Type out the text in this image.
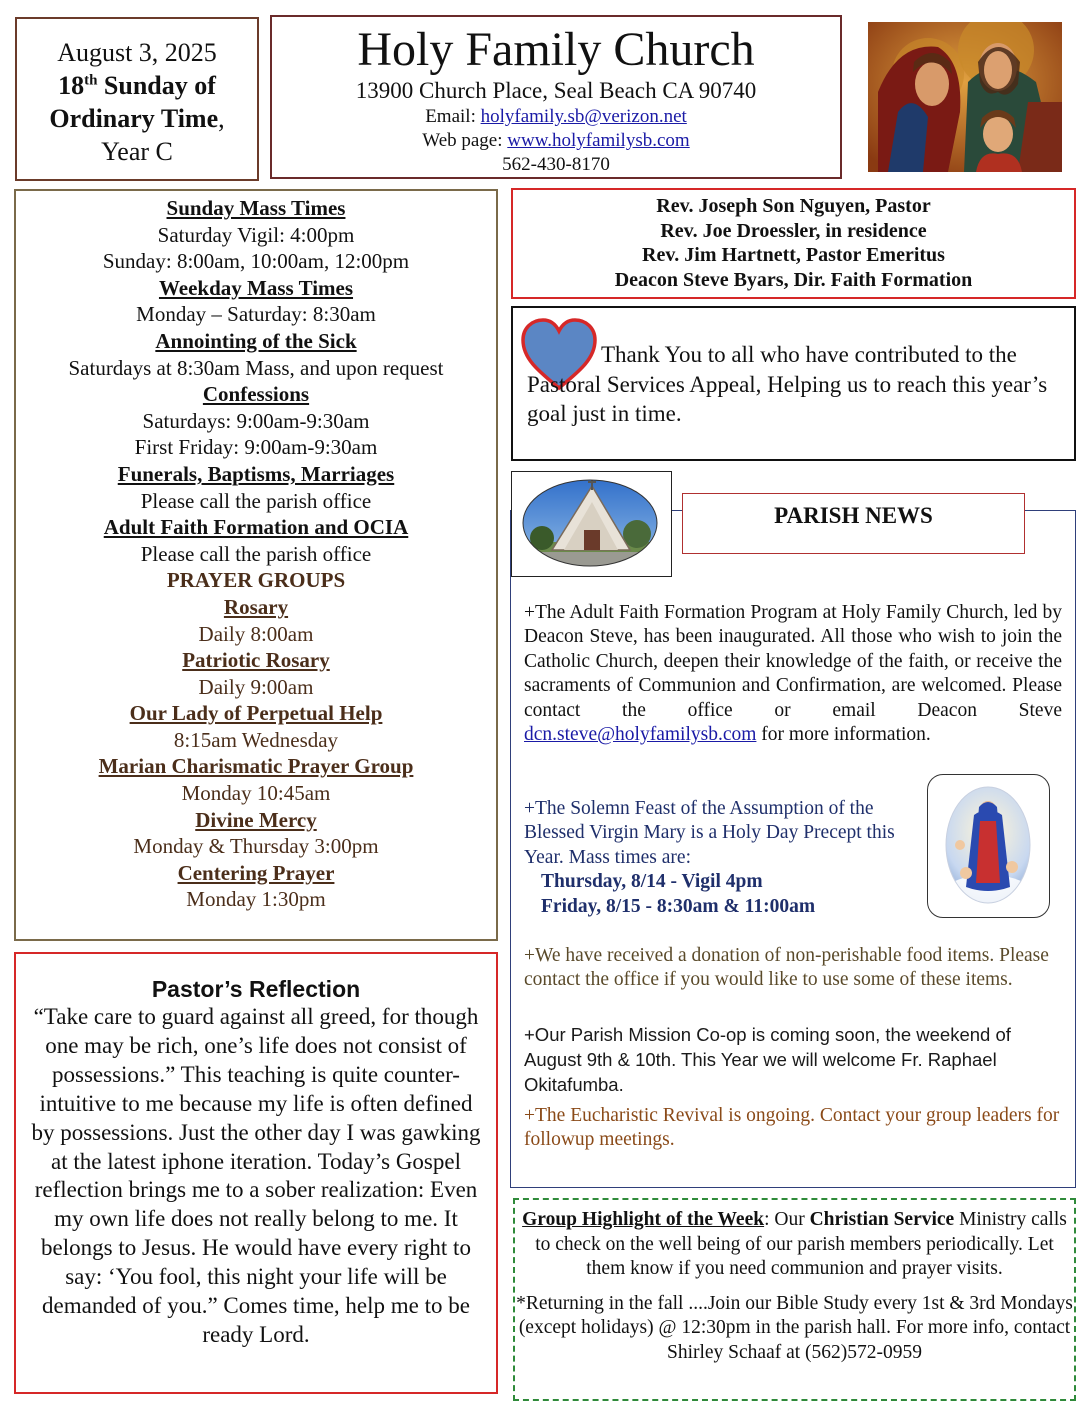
August 3, 2025
18th Sunday of
Ordinary Time,
Year C
Holy Family Church
13900 Church Place, Seal Beach CA 90740
Email: holyfamily.sb@verizon.net
Web page: www.holyfamilysb.com
562-430-8170
Sunday Mass Times
Saturday Vigil: 4:00pm
Sunday: 8:00am, 10:00am, 12:00pm
Weekday Mass Times
Monday – Saturday: 8:30am
Annointing of the Sick
Saturdays at 8:30am Mass, and upon request
Confessions
Saturdays: 9:00am-9:30am
First Friday: 9:00am-9:30am
Funerals, Baptisms, Marriages
Please call the parish office
Adult Faith Formation and OCIA
Please call the parish office
PRAYER GROUPS
Rosary
Daily 8:00am
Patriotic Rosary
Daily 9:00am
Our Lady of Perpetual Help
8:15am Wednesday
Marian Charismatic Prayer Group
Monday 10:45am
Divine Mercy
Monday & Thursday 3:00pm
Centering Prayer
Monday 1:30pm
Rev. Joseph Son Nguyen, Pastor
Rev. Joe Droessler, in residence
Rev. Jim Hartnett, Pastor Emeritus
Deacon Steve Byars, Dir. Faith Formation
Thank You to all who have contributed to the Pastoral Services Appeal, Helping us to reach this year’s goal just in time.
PARISH NEWS
+The Adult Faith Formation Program at Holy Family Church, led by Deacon Steve, has been inaugurated. All those who wish to join the Catholic Church, deepen their knowledge of the faith, or receive the sacraments of Communion and Confirmation, are welcomed. Please contact the office or email Deacon Steve dcn.steve@holyfamilysb.com for more information.
+The Solemn Feast of the Assumption of the Blessed Virgin Mary is a Holy Day Precept this Year. Mass times are:
Thursday, 8/14 - Vigil 4pm
Friday, 8/15 - 8:30am & 11:00am
+We have received a donation of non-perishable food items. Please contact the office if you would like to use some of these items.
+Our Parish Mission Co-op is coming soon, the weekend of August 9th & 10th. This Year we will welcome Fr. Raphael Okitafumba.
+The Eucharistic Revival is ongoing. Contact your group leaders for followup meetings.
Pastor’s Reflection
“Take care to guard against all greed, for though one may be rich, one’s life does not consist of possessions.” This teaching is quite counter-intuitive to me because my life is often defined by possessions. Just the other day I was gawking at the latest iphone iteration. Today’s Gospel reflection brings me to a sober realization: Even my own life does not really belong to me. It belongs to Jesus. He would have every right to say: ‘You fool, this night your life will be demanded of you.” Comes time, help me to be ready Lord.
Group Highlight of the Week: Our Christian Service Ministry calls to check on the well being of our parish members periodically. Let them know if you need communion and prayer visits.
*Returning in the fall ....Join our Bible Study every 1st & 3rd Mondays (except holidays) @ 12:30pm in the parish hall. For more info, contact Shirley Schaaf at (562)572-0959
